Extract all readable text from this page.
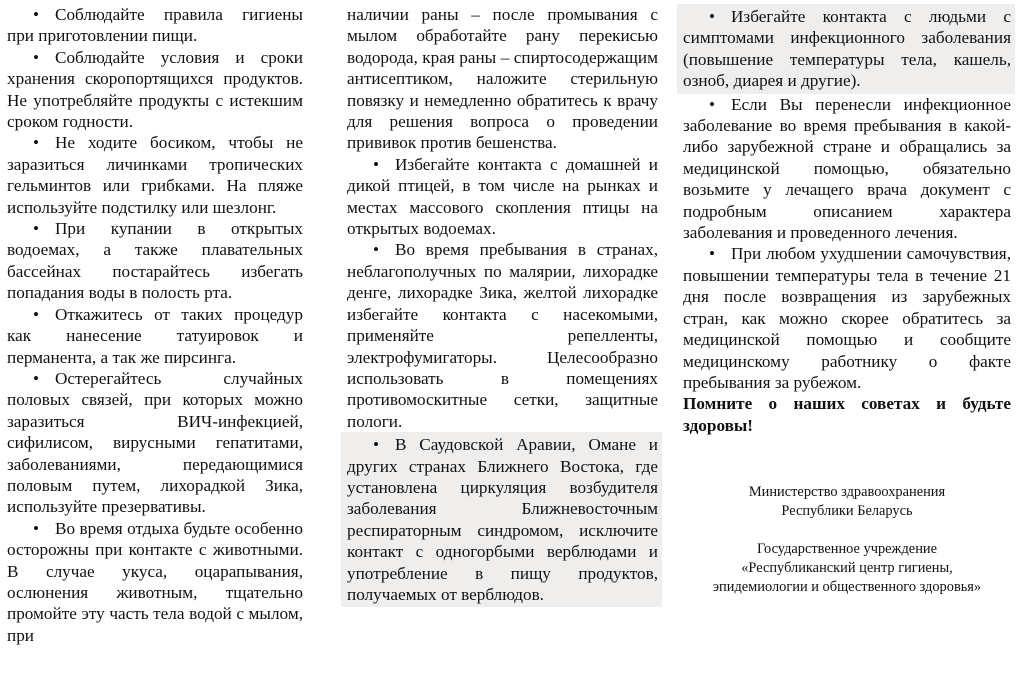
• Соблюдайте правила гигиены при приготовлении пищи.

• Соблюдайте условия и сроки хранения скоропортящихся продуктов. Не употребляйте продукты с истекшим сроком годности.

• Не ходите босиком, чтобы не заразиться личинками тропических гельминтов или грибками. На пляже используйте подстилку или шезлонг.

• При купании в открытых водоемах, а также плавательных бассейнах постарайтесь избегать попадания воды в полость рта.

• Откажитесь от таких процедур как нанесение татуировок и перманента, а так же пирсинга.

• Остерегайтесь случайных половых связей, при которых можно заразиться ВИЧ-инфекцией, сифилисом, вирусными гепатитами, заболеваниями, передающимися половым путем, лихорадкой Зика, используйте презервативы.

• Во время отдыха будьте особенно осторожны при контакте с животными. В случае укуса, оцарапывания, ослюнения животным, тщательно промойте эту часть тела водой с мылом, при

наличии раны – после промывания с мылом обработайте рану перекисью водорода, края раны – спиртосодержащим антисептиком, наложите стерильную повязку и немедленно обратитесь к врачу для решения вопроса о проведении прививок против бешенства.

• Избегайте контакта с домашней и дикой птицей, в том числе на рынках и местах массового скопления птицы на открытых водоемах.

• Во время пребывания в странах, неблагополучных по малярии, лихорадке денге, лихорадке Зика, желтой лихорадке избегайте контакта с насекомыми, применяйте репелленты, электрофумигаторы. Целесообразно использовать в помещениях противомоскитные сетки, защитные пологи.

• В Саудовской Аравии, Омане и других странах Ближнего Востока, где установлена циркуляция возбудителя заболевания Ближневосточным респираторным синдромом, исключите контакт с одногорбыми верблюдами и употребление в пищу продуктов, получаемых от верблюдов.

• Избегайте контакта с людьми с симптомами инфекционного заболевания (повышение температуры тела, кашель, озноб, диарея и другие).

• Если Вы перенесли инфекционное заболевание во время пребывания в какой-либо зарубежной стране и обращались за медицинской помощью, обязательно возьмите у лечащего врача документ с подробным описанием характера заболевания и проведенного лечения.

• При любом ухудшении самочувствия, повышении температуры тела в течение 21 дня после возвращения из зарубежных стран, как можно скорее обратитесь за медицинской помощью и сообщите медицинскому работнику о факте пребывания за рубежом.

Помните о наших советах и будьте здоровы!

Министерство здравоохранения

Республики Беларусь

Государственное учреждение

«Республиканский центр гигиены,

эпидемиологии и общественного здоровья»
